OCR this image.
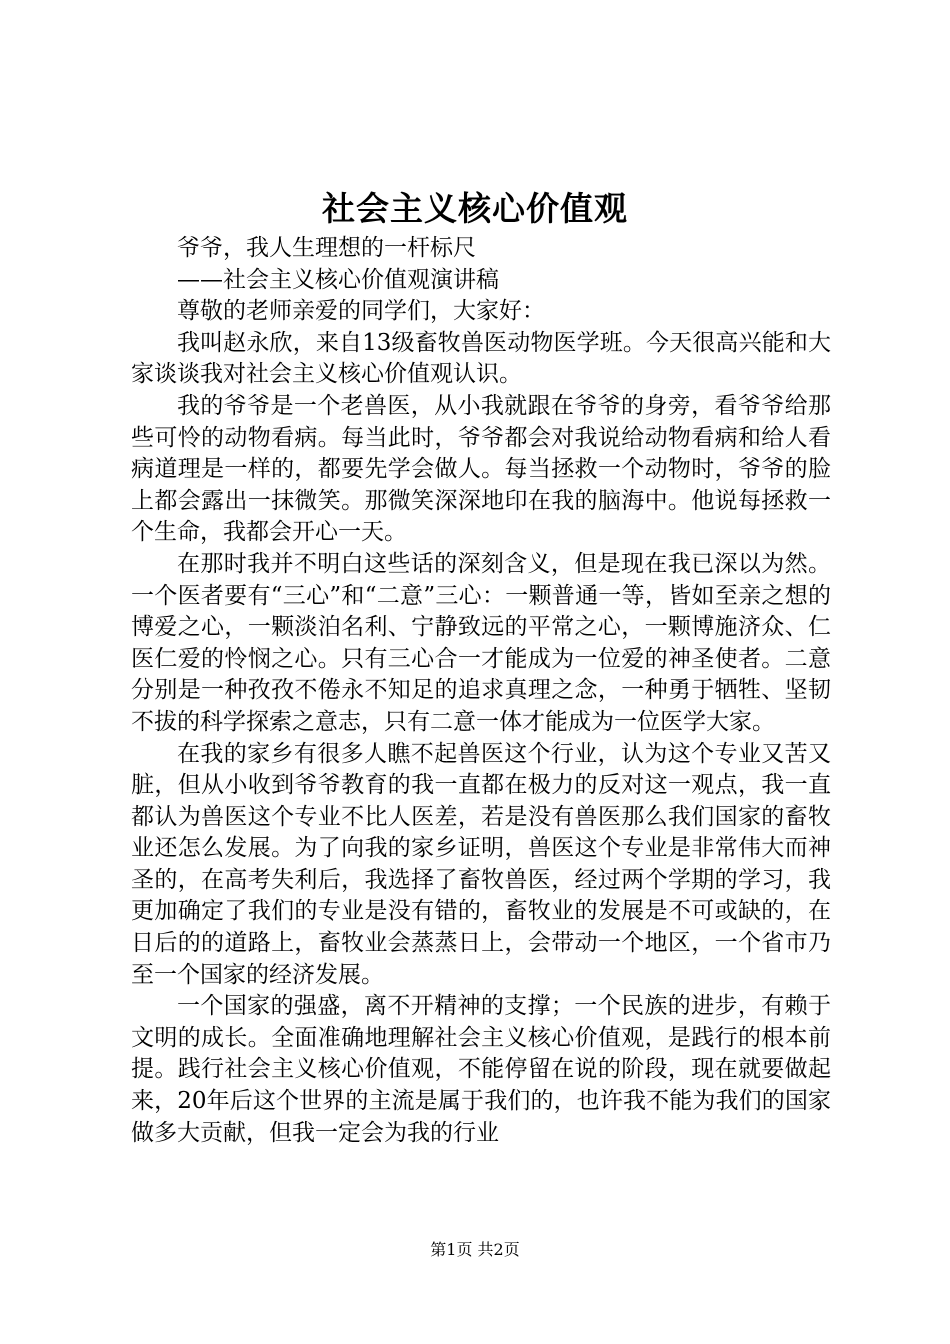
社会主义核心价值观

爷爷，我人生理想的一杆标尺

——社会主义核心价值观演讲稿

尊敬的老师亲爱的同学们，大家好：

我叫赵永欣，来自13级畜牧兽医动物医学班。今天很高兴能和大家谈谈我对社会主义核心价值观认识。

我的爷爷是一个老兽医，从小我就跟在爷爷的身旁，看爷爷给那些可怜的动物看病。每当此时，爷爷都会对我说给动物看病和给人看病道理是一样的，都要先学会做人。每当拯救一个动物时，爷爷的脸上都会露出一抹微笑。那微笑深深地印在我的脑海中。他说每拯救一个生命，我都会开心一天。

在那时我并不明白这些话的深刻含义，但是现在我已深以为然。一个医者要有“三心”和“二意”三心：一颗普通一等，皆如至亲之想的博爱之心，一颗淡泊名利、宁静致远的平常之心，一颗博施济众、仁医仁爱的怜悯之心。只有三心合一才能成为一位爱的神圣使者。二意分别是一种孜孜不倦永不知足的追求真理之念，一种勇于牺牲、坚韧不拔的科学探索之意志，只有二意一体才能成为一位医学大家。

在我的家乡有很多人瞧不起兽医这个行业，认为这个专业又苦又脏，但从小收到爷爷教育的我一直都在极力的反对这一观点，我一直都认为兽医这个专业不比人医差，若是没有兽医那么我们国家的畜牧业还怎么发展。为了向我的家乡证明，兽医这个专业是非常伟大而神圣的，在高考失利后，我选择了畜牧兽医，经过两个学期的学习，我更加确定了我们的专业是没有错的，畜牧业的发展是不可或缺的，在日后的的道路上，畜牧业会蒸蒸日上，会带动一个地区，一个省市乃至一个国家的经济发展。

一个国家的强盛，离不开精神的支撑；一个民族的进步，有赖于文明的成长。全面准确地理解社会主义核心价值观，是践行的根本前提。践行社会主义核心价值观，不能停留在说的阶段，现在就要做起来，20年后这个世界的主流是属于我们的，也许我不能为我们的国家做多大贡献，但我一定会为我的行业

第1页 共2页
